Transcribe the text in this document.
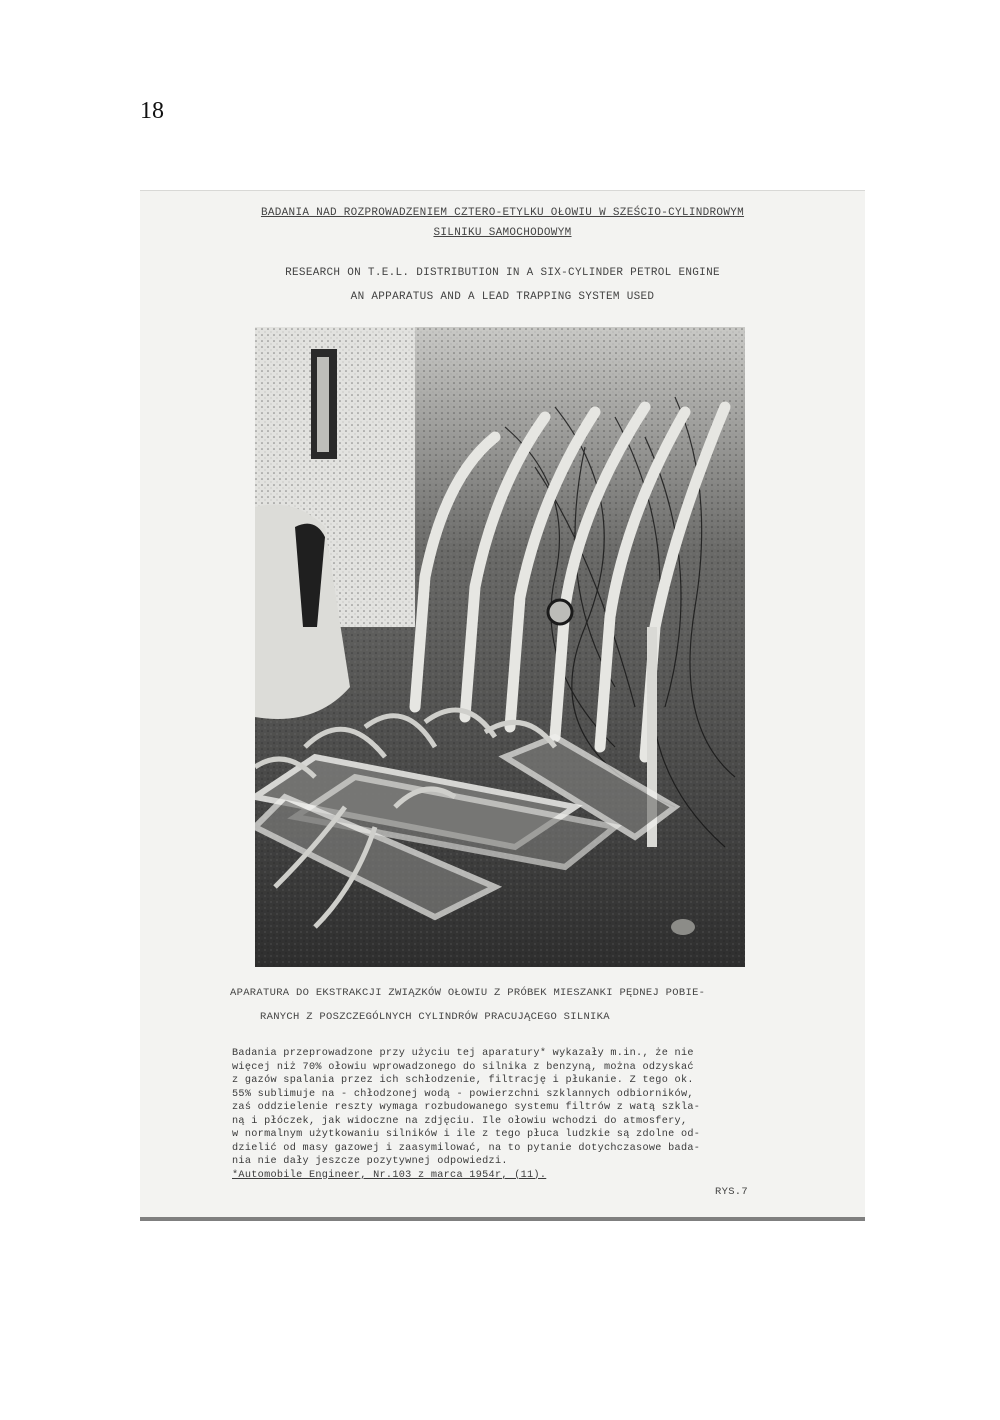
18
BADANIA NAD ROZPROWADZENIEM CZTERO-ETYLKU OŁOWIU W SZEŚCIO-CYLINDROWYM
SILNIKU SAMOCHODOWYM
RESEARCH ON T.E.L. DISTRIBUTION IN A SIX-CYLINDER PETROL ENGINE
AN APPARATUS AND A LEAD TRAPPING SYSTEM USED
APARATURA DO EKSTRAKCJI ZWIĄZKÓW OŁOWIU Z PRÓBEK MIESZANKI PĘDNEJ POBIE-
RANYCH Z POSZCZEGÓLNYCH CYLINDRÓW PRACUJĄCEGO SILNIKA
Badania przeprowadzone przy użyciu tej aparatury* wykazały m.in., że nie
więcej niż 70% ołowiu wprowadzonego do silnika z benzyną, można odzyskać
z gazów spalania przez ich schłodzenie, filtrację i płukanie. Z tego ok.
55% sublimuje na - chłodzonej wodą - powierzchni szklannych odbiorników,
zaś oddzielenie reszty wymaga rozbudowanego systemu filtrów z watą szkla-
ną i płóczek, jak widoczne na zdjęciu. Ile ołowiu wchodzi do atmosfery,
w normalnym użytkowaniu silników i ile z tego płuca ludzkie są zdolne od-
dzielić od masy gazowej i zaasymilować, na to pytanie dotychczasowe bada-
nia nie dały jeszcze pozytywnej odpowiedzi.
*Automobile Engineer, Nr.103 z marca 1954r, (11).
RYS.7
